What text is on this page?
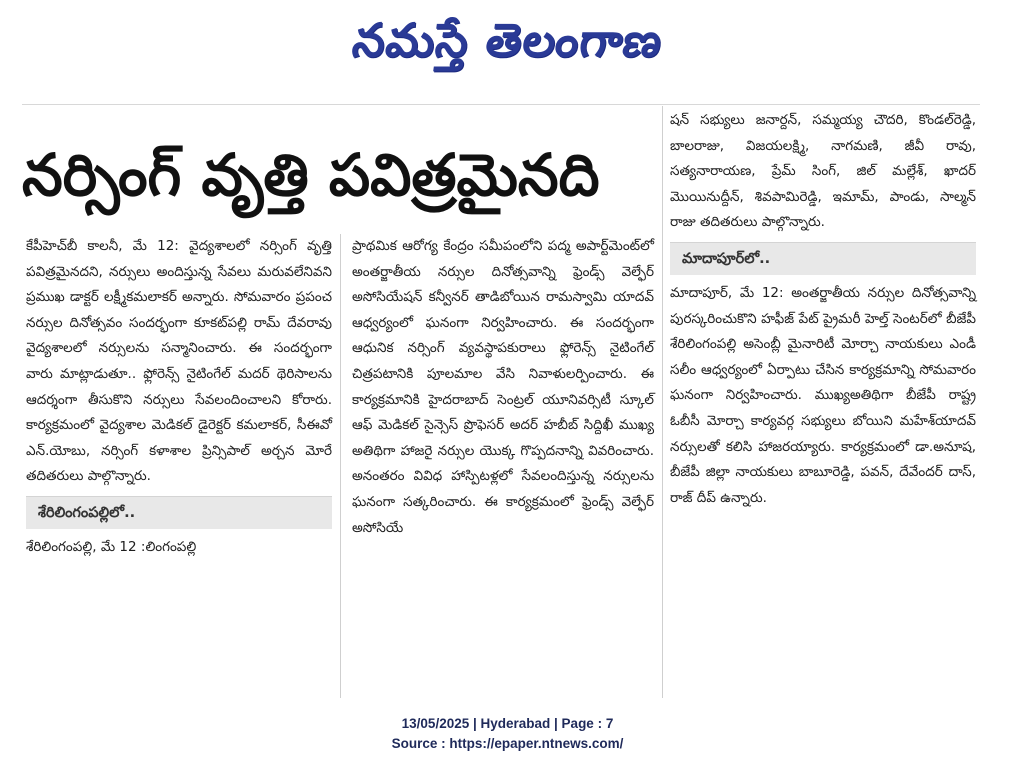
నమస్తే తెలంగాణ
నర్సింగ్ వృత్తి పవిత్రమైనది

కేపీహెచ్‌బీ కాలనీ, మే 12: వైద్యశాలలో నర్సింగ్ వృత్తి పవిత్రమైనదని, నర్సులు అందిస్తున్న సేవలు మరువలేనివని ప్రముఖ డాక్టర్ లక్ష్మీకమలాకర్ అన్నారు. సోమవారం ప్రపంచ నర్సుల దినోత్సవం సందర్భంగా కూకట్‌పల్లి రామ్ దేవరావు వైద్యశాలలో నర్సులను సన్మానించారు. ఈ సందర్భంగా వారు మాట్లాడుతూ.. ఫ్లోరెన్స్ నైటింగేల్ మదర్ థెరిసాలను ఆదర్శంగా తీసుకొని నర్సులు సేవలందించాలని కోరారు. కార్యక్రమంలో వైద్యశాల మెడికల్ డైరెక్టర్ కమలాకర్, సీఈవో ఎన్.యోబు, నర్సింగ్ కళాశాల ప్రిన్సిపాల్ అర్చన మోరే తదితరులు పాల్గొన్నారు.

శేరిలింగంపల్లిలో..

శేరిలింగంపల్లి, మే 12 :లింగంపల్లి

ప్రాథమిక ఆరోగ్య కేంద్రం సమీపంలోని పద్మ అపార్ట్‌మెంట్‌లో అంతర్జాతీయ నర్సుల దినోత్సవాన్ని ఫ్రెండ్స్ వెల్ఫేర్ అసోసియేషన్ కన్వీనర్ తాడిబోయిన రామస్వామి యాదవ్ ఆధ్వర్యంలో ఘనంగా నిర్వహించారు. ఈ సందర్భంగా ఆధునిక నర్సింగ్ వ్యవస్థాపకురాలు ఫ్లోరెన్స్ నైటింగేల్ చిత్రపటానికి పూలమాల వేసి నివాళులర్పించారు. ఈ కార్యక్రమానికి హైదరాబాద్ సెంట్రల్ యూనివర్సిటీ స్కూల్ ఆఫ్ మెడికల్ సైన్సెస్ ప్రొఫెసర్ అదర్ హబీబ్ సిద్దిఖీ ముఖ్య అతిథిగా హాజరై నర్సుల యొక్క గొప్పదనాన్ని వివరించారు. అనంతరం వివిధ హాస్పిటళ్లలో సేవలందిస్తున్న నర్సులను ఘనంగా సత్కరించారు. ఈ కార్యక్రమంలో ఫ్రెండ్స్ వెల్ఫేర్ అసోసియే

షన్ సభ్యులు జనార్దన్, సమ్మయ్య చౌదరి, కొండల్‌రెడ్డి, బాలరాజు, విజయలక్ష్మి, నాగమణి, జీవీ రావు, సత్యనారాయణ, ప్రేమ్ సింగ్, జిల్ మల్లేశ్, ఖాదర్ మొయినుద్దీన్, శివపామిరెడ్డి, ఇమామ్, పాండు, సాల్మన్ రాజు తదితరులు పాల్గొన్నారు.

మాదాపూర్‌లో..

మాదాపూర్, మే 12: అంతర్జాతీయ నర్సుల దినోత్సవాన్ని పురస్కరించుకొని హఫీజ్ పేట్ ప్రైమరీ హెల్త్ సెంటర్‌లో బీజేపీ శేరిలింగంపల్లి అసెంబ్లీ మైనారిటీ మోర్చా నాయకులు ఎండీ సలీం ఆధ్వర్యంలో ఏర్పాటు చేసిన కార్యక్రమాన్ని సోమవారం ఘనంగా నిర్వహించారు. ముఖ్యఅతిథిగా బీజేపీ రాష్ట్ర ఓబీసీ మోర్చా కార్యవర్గ సభ్యులు బోయిని మహేశ్‌యాదవ్ నర్సులతో కలిసి హాజరయ్యారు. కార్యక్రమంలో డా.అనూష, బీజేపీ జిల్లా నాయకులు బాబూరెడ్డి, పవన్, దేవేందర్ దాస్, రాజ్ దీప్ ఉన్నారు.

13/05/2025 | Hyderabad | Page : 7
Source : https://epaper.ntnews.com/
